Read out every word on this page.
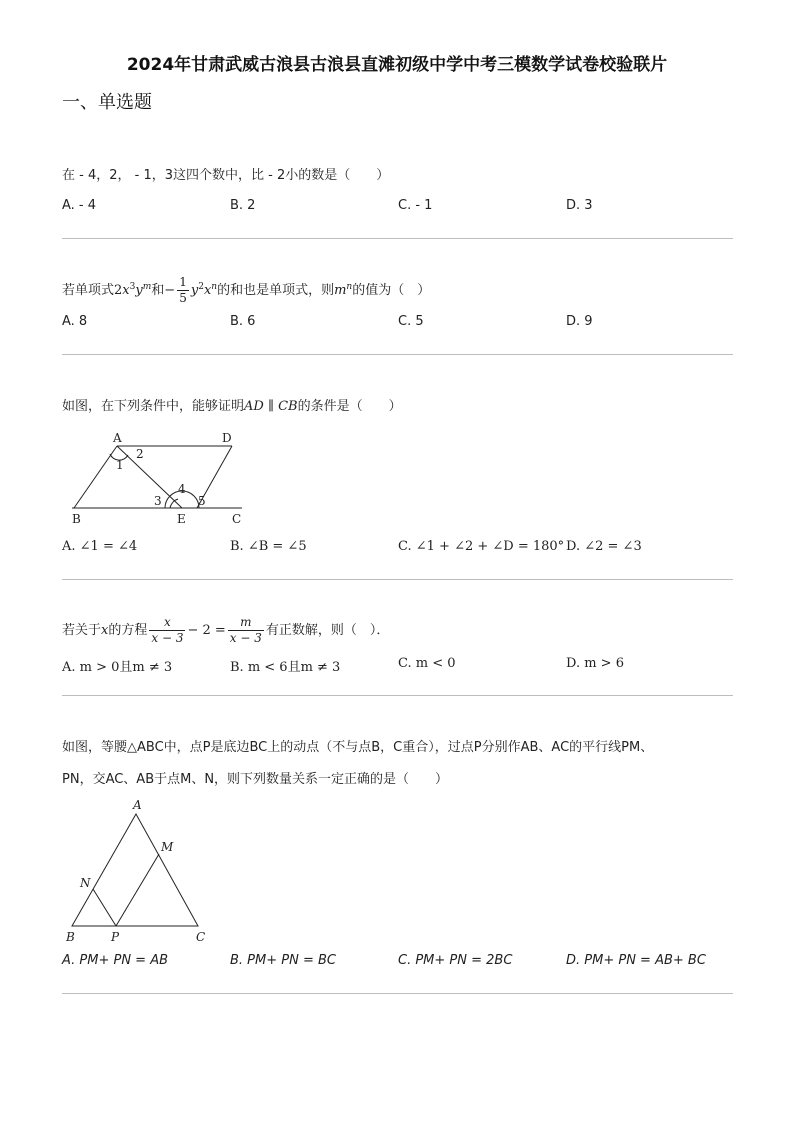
2024年甘肃武威古浪县古浪县直滩初级中学中考三模数学试卷校验联片
一、单选题
在 - 4，2， - 1，3这四个数中，比 - 2小的数是（　　）
A. - 4	B. 2	C. - 1	D. 3
若单项式$2x^3y^m$和− $\frac{1}{5} y^2x^n$的和也是单项式，则$m^n$的值为（　）
A. 8	B. 6	C. 5	D. 9
如图，在下列条件中，能够证明AD ∥ CB的条件是（　　）
A	D
B	E	C
1
2
3
4
5
A. ∠1 = ∠4	B. ∠B = ∠5	C. ∠1 + ∠2 + ∠D = 180° D. ∠2 = ∠3
若关于x的方程 $\frac{x}{x - 3} - 2 = \frac{m}{x - 3}$ 有正数解，则（　）．
A. m > 0且m ≠ 3	B. m < 6且m ≠ 3	C. m < 0	D. m > 6
如图，等腰△ABC中，点P是底边BC上的动点（不与点B，C重合），过点P分别作AB、AC的平行线PM、
PN，交AC、AB于点M、N，则下列数量关系一定正确的是（　　）
A
M
N
B	P	C
A. PM+ PN = AB	B. PM+ PN = BC	C. PM+ PN = 2BC	D. PM+ PN = AB+ BC
